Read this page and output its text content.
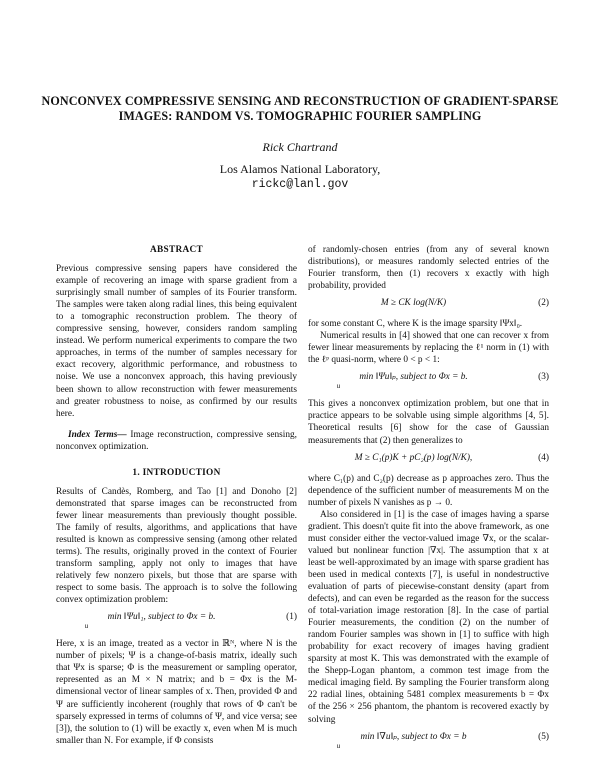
NONCONVEX COMPRESSIVE SENSING AND RECONSTRUCTION OF GRADIENT-SPARSE IMAGES: RANDOM VS. TOMOGRAPHIC FOURIER SAMPLING
Rick Chartrand
Los Alamos National Laboratory,
rickc@lanl.gov
ABSTRACT

Previous compressive sensing papers have considered the example of recovering an image with sparse gradient from a surprisingly small number of samples of its Fourier transform. The samples were taken along radial lines, this being equivalent to a tomographic reconstruction problem. The theory of compressive sensing, however, considers random sampling instead. We perform numerical experiments to compare the two approaches, in terms of the number of samples necessary for exact recovery, algorithmic performance, and robustness to noise. We use a nonconvex approach, this having previously been shown to allow reconstruction with fewer measurements and greater robustness to noise, as confirmed by our results here.

Index Terms— Image reconstruction, compressive sensing, nonconvex optimization.

1. INTRODUCTION

Results of Candès, Romberg, and Tao [1] and Donoho [2] demonstrated that sparse images can be reconstructed from fewer linear measurements than previously thought possible. The family of results, algorithms, and applications that have resulted is known as compressive sensing (among other related terms). The results, originally proved in the context of Fourier transform sampling, apply not only to images that have relatively few nonzero pixels, but those that are sparse with respect to some basis. The approach is to solve the following convex optimization problem:

min ‖Ψu‖₁, subject to Φx = b.
u
(1)

Here, x is an image, treated as a vector in ℝᴺ, where N is the number of pixels; Ψ is a change-of-basis matrix, ideally such that Ψx is sparse; Φ is the measurement or sampling operator, represented as an M × N matrix; and b = Φx is the M-dimensional vector of linear samples of x. Then, provided Φ and Ψ are sufficiently incoherent (roughly that rows of Φ can't be sparsely expressed in terms of columns of Ψ, and vice versa; see [3]), the solution to (1) will be exactly x, even when M is much smaller than N. For example, if Φ consists

of randomly-chosen entries (from any of several known distributions), or measures randomly selected entries of the Fourier transform, then (1) recovers x exactly with high probability, provided

M ≥ CK log(N/K)	(2)

for some constant C, where K is the image sparsity ‖Ψx‖₀.

Numerical results in [4] showed that one can recover x from fewer linear measurements by replacing the ℓ¹ norm in (1) with the ℓᵖ quasi-norm, where 0 < p < 1:

min ‖Ψu‖ₚ, subject to Φx = b.
u
(3)

This gives a nonconvex optimization problem, but one that in practice appears to be solvable using simple algorithms [4, 5]. Theoretical results [6] show for the case of Gaussian measurements that (2) then generalizes to

M ≥ C₁(p)K + pC₂(p) log(N/K),	(4)

where C₁(p) and C₂(p) decrease as p approaches zero. Thus the dependence of the sufficient number of measurements M on the number of pixels N vanishes as p → 0.

Also considered in [1] is the case of images having a sparse gradient. This doesn't quite fit into the above framework, as one must consider either the vector-valued image ∇x, or the scalar-valued but nonlinear function |∇x|. The assumption that x at least be well-approximated by an image with sparse gradient has been used in medical contexts [7], is useful in nondestructive evaluation of parts of piecewise-constant density (apart from defects), and can even be regarded as the reason for the success of total-variation image restoration [8]. In the case of partial Fourier measurements, the condition (2) on the number of random Fourier samples was shown in [1] to suffice with high probability for exact recovery of images having gradient sparsity at most K. This was demonstrated with the example of the Shepp-Logan phantom, a common test image from the medical imaging field. By sampling the Fourier transform along 22 radial lines, obtaining 5481 complex measurements b = Φx of the 256 × 256 phantom, the phantom is recovered exactly by solving

min ‖∇u‖ₚ, subject to Φx = b
u
(5)
